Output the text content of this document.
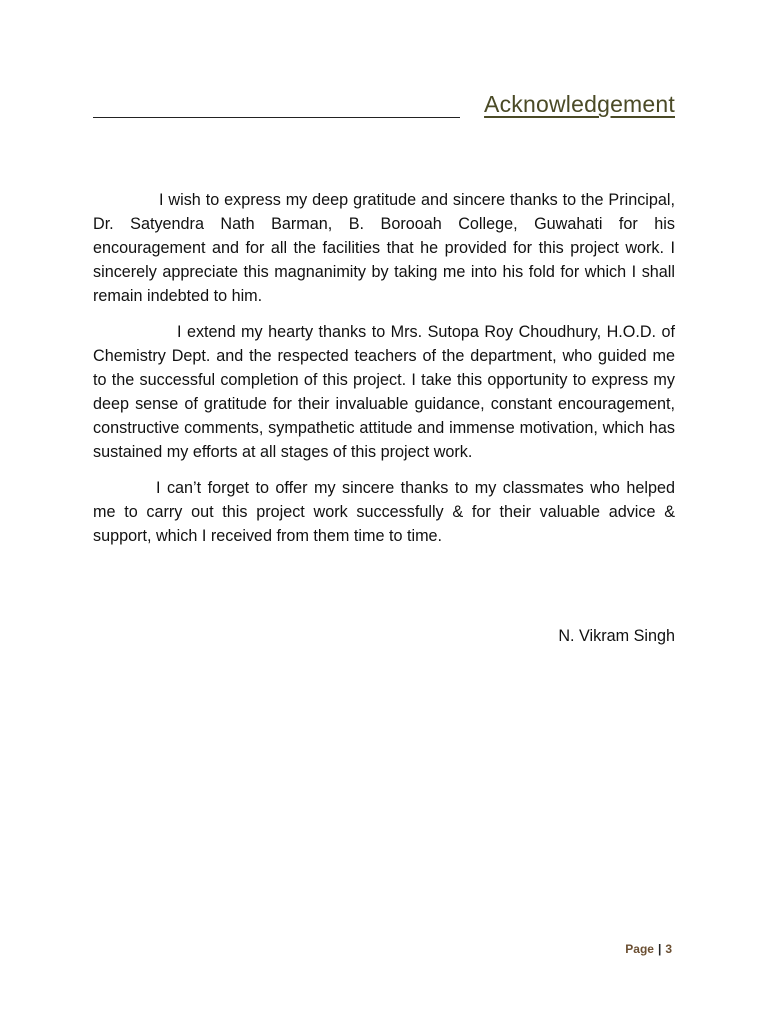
Acknowledgement

I wish to express my deep gratitude and sincere thanks to the Principal, Dr. Satyendra Nath Barman, B. Borooah College, Guwahati for his encouragement and for all the facilities that he provided for this project work. I sincerely appreciate this magnanimity by taking me into his fold for which I shall remain indebted to him.

I extend my hearty thanks to Mrs. Sutopa Roy Choudhury, H.O.D. of Chemistry Dept. and the respected teachers of the department, who guided me to the successful completion of this project. I take this opportunity to express my deep sense of gratitude for their invaluable guidance, constant encouragement, constructive comments, sympathetic attitude and immense motivation, which has sustained my efforts at all stages of this project work.

I can’t forget to offer my sincere thanks to my classmates who helped me to carry out this project work successfully & for their valuable advice & support, which I received from them time to time.

N. Vikram Singh
Page | 3
